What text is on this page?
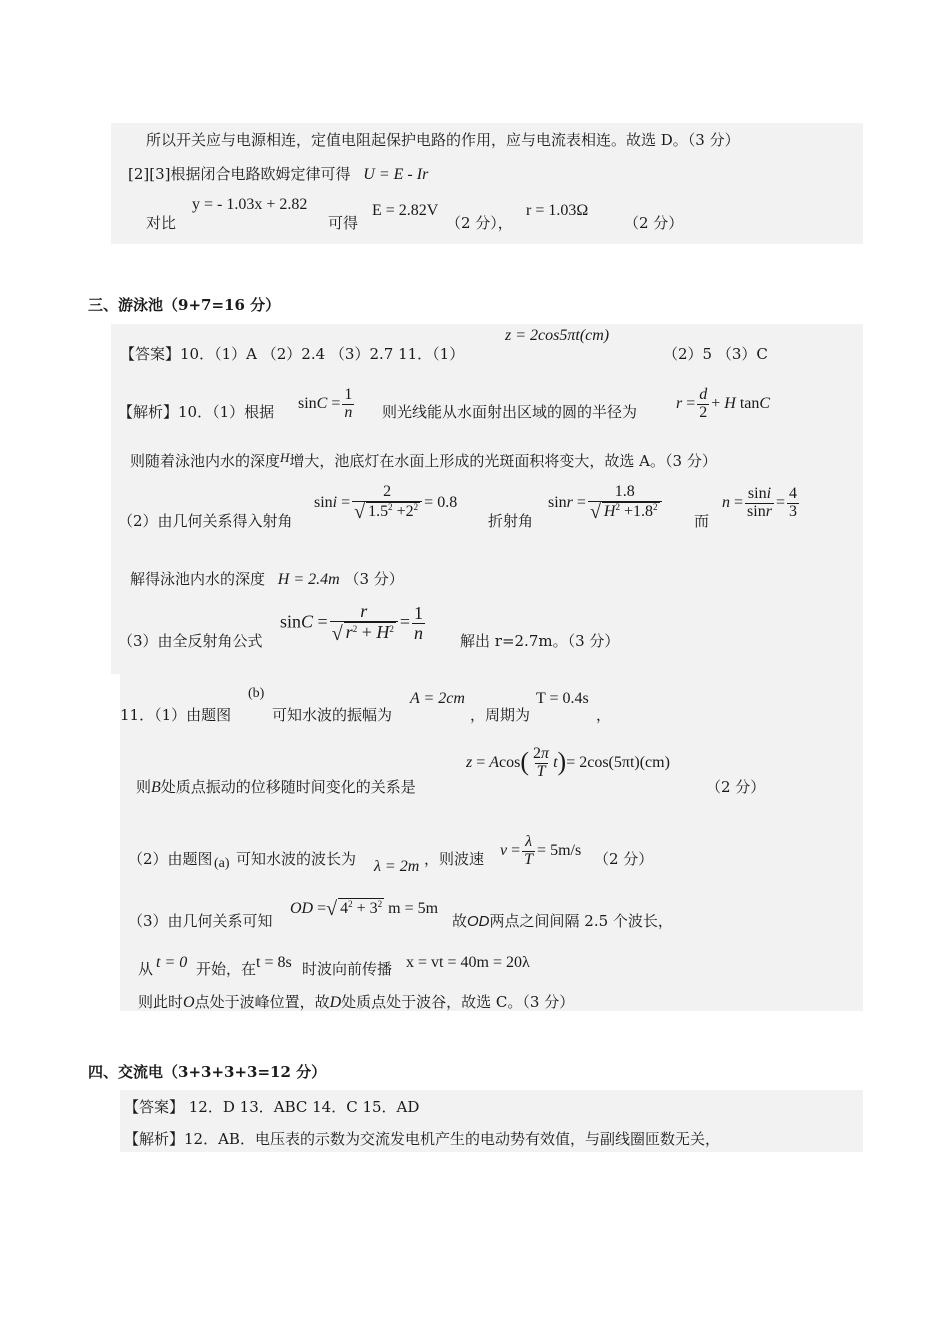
所以开关应与电源相连，定值电阻起保护电路的作用，应与电流表相连。故选 D。（3 分）
[2][3]根据闭合电路欧姆定律可得 U = E - Ir
对比
y = - 1.03x + 2.82
可得
E = 2.82V
（2 分），
r = 1.03Ω
（2 分）
三、游泳池（9+7=16 分）
【答案】10．（1）A （2）2.4 （3）2.7 11．（1）
z = 2cos5πt(cm)
（2）5 （3）C
【解析】10．（1）根据 $\sin C = \frac{1}{n}$ 则光线能从水面射出区域的圆的半径为 $r = \frac{d}{2} + H$ tanC
则随着泳池内水的深度H增大，池底灯在水面上形成的光斑面积将变大，故选 A。（3 分）
（2）由几何关系得入射角
$\sin i = \frac{2}{√ 1.5^2 +2^2} = 0.8$
折射角
$\sin r = \frac{1.8}{√ H^2 +1.8^2}$ 而
$n = \frac{\sin i}{\sin r} = \frac{4}{3}$
解得泳池内水的深度 H = 2.4m （3 分）
（3）由全反射角公式
$\sin C = \frac{r}{√ r^2 + H^2} = \frac{1}{n}$ 解出 r=2.7m。（3 分）
11．（1）由题图
(b)
可知水波的振幅为
A = 2cm
，周期为
T = 0.4s
，
则B处质点振动的位移随时间变化的关系是
$z = Acos( \frac{2\pi}{T} t)= 2\cos(5\pi t)(cm)$
（2 分）
（2）由题图 (a) 可知水波的波长为 λ = 2m ，则波速 $v = \frac{\lambda}{T} = 5m/s$ （2 分）
（3）由几何关系可知
OD =√ $4^2 + 3^2$ m = 5m
故OD两点之间间隔 2.5 个波长，
从 t = 0 开始，在 t = 8s 时波向前传播 x = vt = 40m = 20λ
则此时O点处于波峰位置，故D处质点处于波谷，故选 C。（3 分）
四、交流电（3+3+3+3=12 分）
【答案】 12．D 13．ABC 14．C 15．AD
【解析】12．AB．电压表的示数为交流发电机产生的电动势有效值，与副线圈匝数无关，
